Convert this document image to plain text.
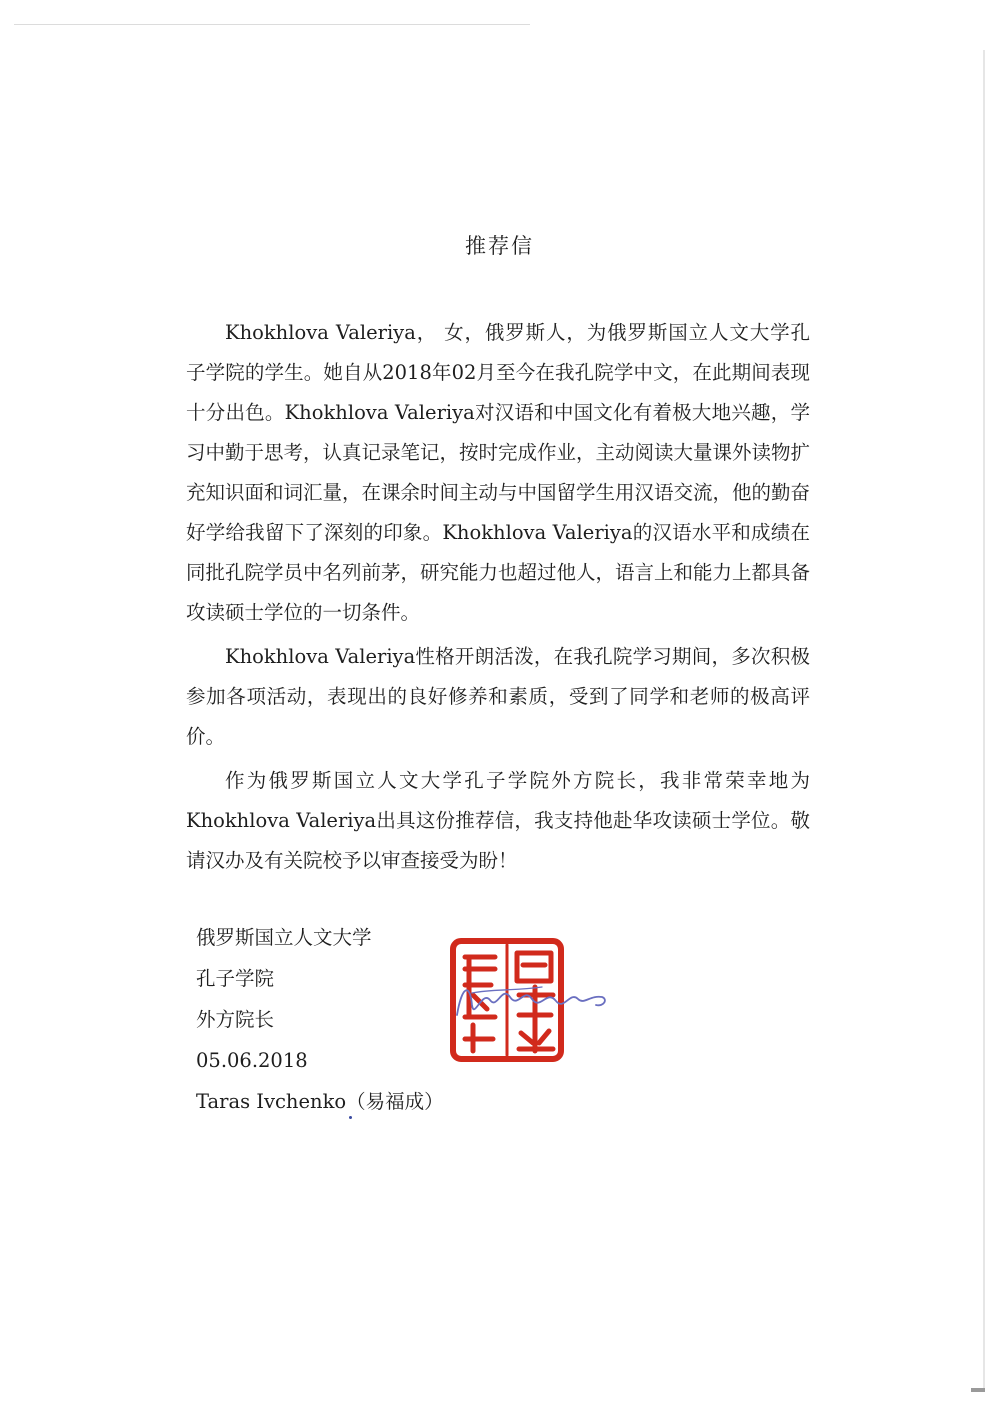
推荐信

Khokhlova Valeriya， 女，俄罗斯人，为俄罗斯国立人文大学孔子学院的学生。她自从2018年02月至今在我孔院学中文，在此期间表现十分出色。Khokhlova Valeriya对汉语和中国文化有着极大地兴趣，学习中勤于思考，认真记录笔记，按时完成作业，主动阅读大量课外读物扩充知识面和词汇量，在课余时间主动与中国留学生用汉语交流，他的勤奋好学给我留下了深刻的印象。Khokhlova Valeriya的汉语水平和成绩在同批孔院学员中名列前茅，研究能力也超过他人，语言上和能力上都具备攻读硕士学位的一切条件。

Khokhlova Valeriya性格开朗活泼，在我孔院学习期间，多次积极参加各项活动，表现出的良好修养和素质，受到了同学和老师的极高评价。

作为俄罗斯国立人文大学孔子学院外方院长，我非常荣幸地为Khokhlova Valeriya出具这份推荐信，我支持他赴华攻读硕士学位。敬请汉办及有关院校予以审查接受为盼！

俄罗斯国立人文大学
孔子学院
外方院长
05.06.2018
Taras Ivchenko（易福成）
